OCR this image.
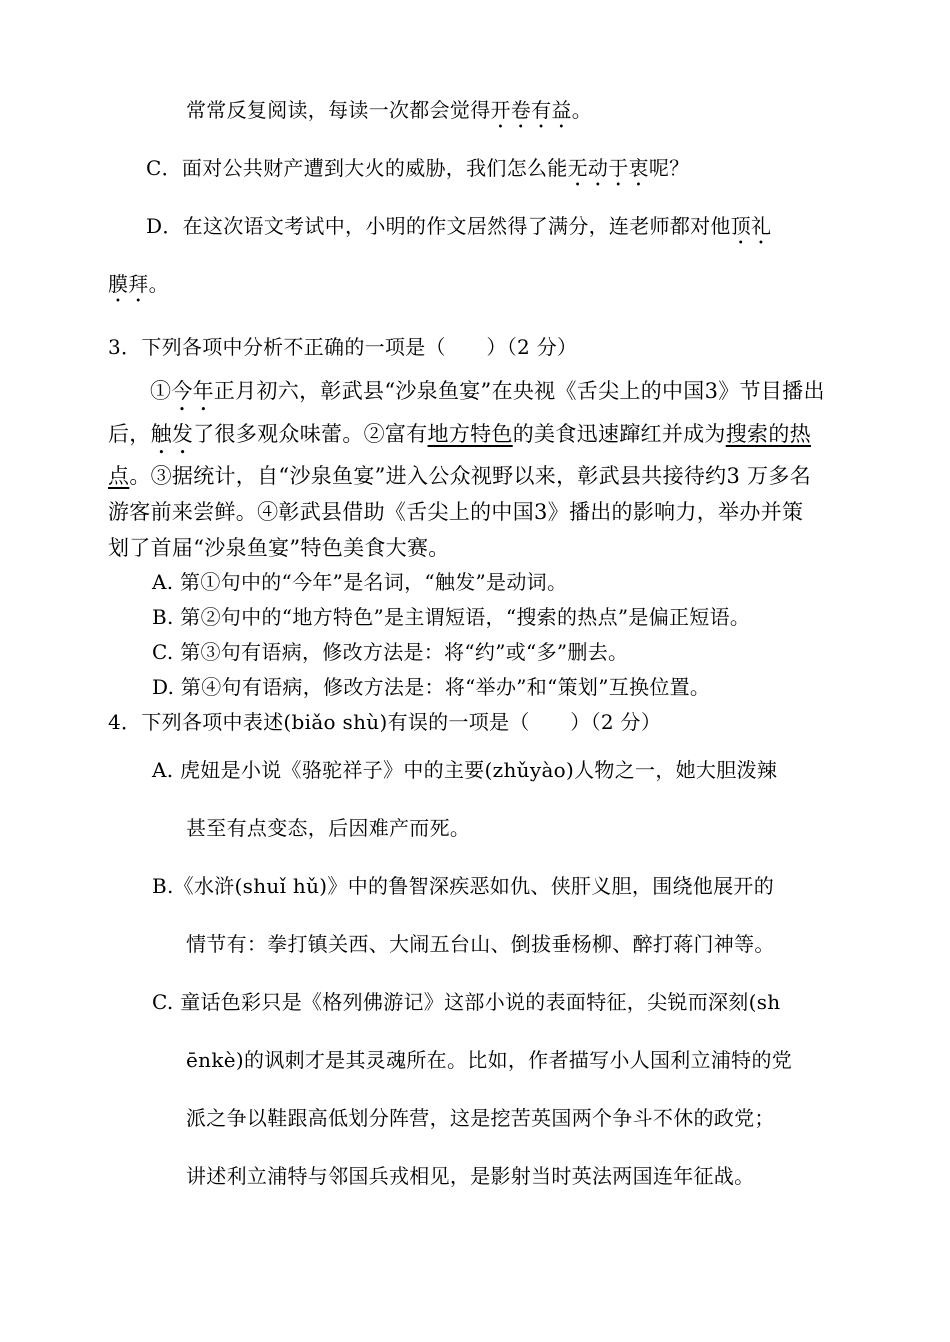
常常反复阅读，每读一次都会觉得开卷有益。
C．面对公共财产遭到大火的威胁，我们怎么能无动于衷呢？
D．在这次语文考试中，小明的作文居然得了满分，连老师都对他顶礼
膜拜。
3．下列各项中分析不正确的一项是（　　）（2 分）
①今年正月初六，彰武县“沙泉鱼宴”在央视《舌尖上的中国3》节目播出
后，触发了很多观众味蕾。②富有地方特色的美食迅速蹿红并成为搜索的热
点。③据统计，自“沙泉鱼宴”进入公众视野以来，彰武县共接待约3 万多名
游客前来尝鲜。④彰武县借助《舌尖上的中国3》播出的影响力，举办并策
划了首届“沙泉鱼宴”特色美食大赛。
A. 第①句中的“今年”是名词，“触发”是动词。
B. 第②句中的“地方特色”是主谓短语，“搜索的热点”是偏正短语。
C. 第③句有语病，修改方法是：将“约”或“多”删去。
D. 第④句有语病，修改方法是：将“举办”和“策划”互换位置。
4．下列各项中表述(biǎo shù)有误的一项是（　　）（2 分）
A. 虎妞是小说《骆驼祥子》中的主要(zhǔyào)人物之一，她大胆泼辣
甚至有点变态，后因难产而死。
B.《水浒(shuǐ hǔ)》中的鲁智深疾恶如仇、侠肝义胆，围绕他展开的
情节有：拳打镇关西、大闹五台山、倒拔垂杨柳、醉打蒋门神等。
C. 童话色彩只是《格列佛游记》这部小说的表面特征，尖锐而深刻(sh
ēnkè)的讽刺才是其灵魂所在。比如，作者描写小人国利立浦特的党
派之争以鞋跟高低划分阵营，这是挖苦英国两个争斗不休的政党；
讲述利立浦特与邻国兵戎相见，是影射当时英法两国连年征战。
